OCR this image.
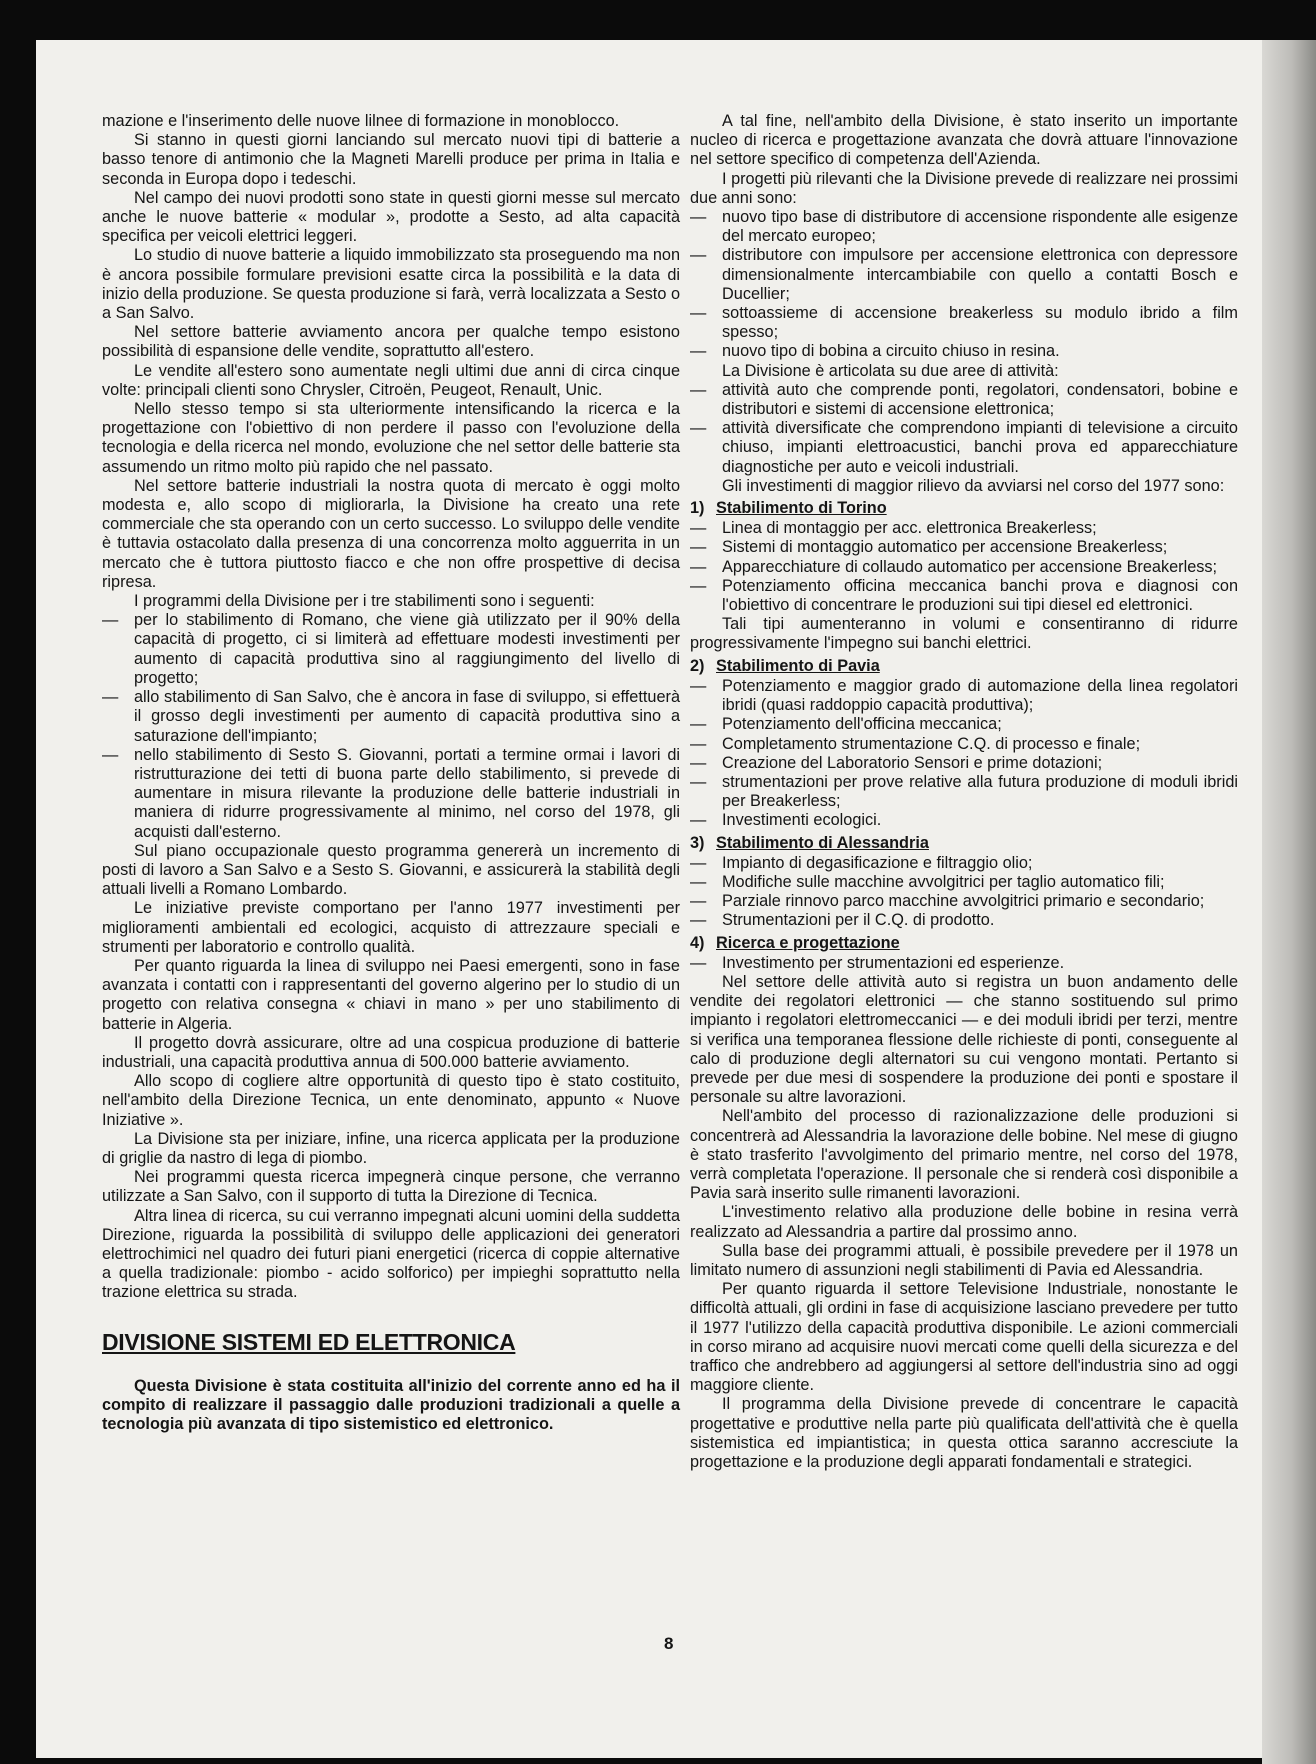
mazione e l'inserimento delle nuove lilnee di formazione in monoblocco.

Si stanno in questi giorni lanciando sul mercato nuovi tipi di batterie a basso tenore di antimonio che la Magneti Marelli produce per prima in Italia e seconda in Europa dopo i tedeschi.

Nel campo dei nuovi prodotti sono state in questi giorni messe sul mercato anche le nuove batterie « modular », prodotte a Sesto, ad alta capacità specifica per veicoli elettrici leggeri.

Lo studio di nuove batterie a liquido immobilizzato sta proseguendo ma non è ancora possibile formulare previsioni esatte circa la possibilità e la data di inizio della produzione. Se questa produzione si farà, verrà localizzata a Sesto o a San Salvo.

Nel settore batterie avviamento ancora per qualche tempo esistono possibilità di espansione delle vendite, soprattutto all'estero.

Le vendite all'estero sono aumentate negli ultimi due anni di circa cinque volte: principali clienti sono Chrysler, Citroën, Peugeot, Renault, Unic.

Nello stesso tempo si sta ulteriormente intensificando la ricerca e la progettazione con l'obiettivo di non perdere il passo con l'evoluzione della tecnologia e della ricerca nel mondo, evoluzione che nel settor delle batterie sta assumendo un ritmo molto più rapido che nel passato.

Nel settore batterie industriali la nostra quota di mercato è oggi molto modesta e, allo scopo di migliorarla, la Divisione ha creato una rete commerciale che sta operando con un certo successo. Lo sviluppo delle vendite è tuttavia ostacolato dalla presenza di una concorrenza molto agguerrita in un mercato che è tuttora piuttosto fiacco e che non offre prospettive di decisa ripresa.

I programmi della Divisione per i tre stabilimenti sono i seguenti:

— per lo stabilimento di Romano, che viene già utilizzato per il 90% della capacità di progetto, ci si limiterà ad effettuare modesti investimenti per aumento di capacità produttiva sino al raggiungimento del livello di progetto;
— allo stabilimento di San Salvo, che è ancora in fase di sviluppo, si effettuerà il grosso degli investimenti per aumento di capacità produttiva sino a saturazione dell'impianto;
— nello stabilimento di Sesto S. Giovanni, portati a termine ormai i lavori di ristrutturazione dei tetti di buona parte dello stabilimento, si prevede di aumentare in misura rilevante la produzione delle batterie industriali in maniera di ridurre progressivamente al minimo, nel corso del 1978, gli acquisti dall'esterno.

Sul piano occupazionale questo programma genererà un incremento di posti di lavoro a San Salvo e a Sesto S. Giovanni, e assicurerà la stabilità degli attuali livelli a Romano Lombardo.

Le iniziative previste comportano per l'anno 1977 investimenti per miglioramenti ambientali ed ecologici, acquisto di attrezzaure speciali e strumenti per laboratorio e controllo qualità.

Per quanto riguarda la linea di sviluppo nei Paesi emergenti, sono in fase avanzata i contatti con i rappresentanti del governo algerino per lo studio di un progetto con relativa consegna « chiavi in mano » per uno stabilimento di batterie in Algeria.

Il progetto dovrà assicurare, oltre ad una cospicua produzione di batterie industriali, una capacità produttiva annua di 500.000 batterie avviamento.

Allo scopo di cogliere altre opportunità di questo tipo è stato costituito, nell'ambito della Direzione Tecnica, un ente denominato, appunto « Nuove Iniziative ».

La Divisione sta per iniziare, infine, una ricerca applicata per la produzione di griglie da nastro di lega di piombo.

Nei programmi questa ricerca impegnerà cinque persone, che verranno utilizzate a San Salvo, con il supporto di tutta la Direzione di Tecnica.

Altra linea di ricerca, su cui verranno impegnati alcuni uomini della suddetta Direzione, riguarda la possibilità di sviluppo delle applicazioni dei generatori elettrochimici nel quadro dei futuri piani energetici (ricerca di coppie alternative a quella tradizionale: piombo - acido solforico) per impieghi soprattutto nella trazione elettrica su strada.

DIVISIONE SISTEMI ED ELETTRONICA

Questa Divisione è stata costituita all'inizio del corrente anno ed ha il compito di realizzare il passaggio dalle produzioni tradizionali a quelle a tecnologia più avanzata di tipo sistemistico ed elettronico.

A tal fine, nell'ambito della Divisione, è stato inserito un importante nucleo di ricerca e progettazione avanzata che dovrà attuare l'innovazione nel settore specifico di competenza dell'Azienda.

I progetti più rilevanti che la Divisione prevede di realizzare nei prossimi due anni sono:

— nuovo tipo base di distributore di accensione rispondente alle esigenze del mercato europeo;
— distributore con impulsore per accensione elettronica con depressore dimensionalmente intercambiabile con quello a contatti Bosch e Ducellier;
— sottoassieme di accensione breakerless su modulo ibrido a film spesso;
— nuovo tipo di bobina a circuito chiuso in resina.

La Divisione è articolata su due aree di attività:

— attività auto che comprende ponti, regolatori, condensatori, bobine e distributori e sistemi di accensione elettronica;
— attività diversificate che comprendono impianti di televisione a circuito chiuso, impianti elettroacustici, banchi prova ed apparecchiature diagnostiche per auto e veicoli industriali.

Gli investimenti di maggior rilievo da avviarsi nel corso del 1977 sono:

1) Stabilimento di Torino
— Linea di montaggio per acc. elettronica Breakerless;
— Sistemi di montaggio automatico per accensione Breakerless;
— Apparecchiature di collaudo automatico per accensione Breakerless;
— Potenziamento officina meccanica banchi prova e diagnosi con l'obiettivo di concentrare le produzioni sui tipi diesel ed elettronici.

Tali tipi aumenteranno in volumi e consentiranno di ridurre progressivamente l'impegno sui banchi elettrici.

2) Stabilimento di Pavia
— Potenziamento e maggior grado di automazione della linea regolatori ibridi (quasi raddoppio capacità produttiva);
— Potenziamento dell'officina meccanica;
— Completamento strumentazione C.Q. di processo e finale;
— Creazione del Laboratorio Sensori e prime dotazioni;
— strumentazioni per prove relative alla futura produzione di moduli ibridi per Breakerless;
— Investimenti ecologici.
3) Stabilimento di Alessandria
— Impianto di degasificazione e filtraggio olio;
— Modifiche sulle macchine avvolgitrici per taglio automatico fili;
— Parziale rinnovo parco macchine avvolgitrici primario e secondario;
— Strumentazioni per il C.Q. di prodotto.
4) Ricerca e progettazione
— Investimento per strumentazioni ed esperienze.

Nel settore delle attività auto si registra un buon andamento delle vendite dei regolatori elettronici — che stanno sostituendo sul primo impianto i regolatori elettromeccanici — e dei moduli ibridi per terzi, mentre si verifica una temporanea flessione delle richieste di ponti, conseguente al calo di produzione degli alternatori su cui vengono montati. Pertanto si prevede per due mesi di sospendere la produzione dei ponti e spostare il personale su altre lavorazioni.

Nell'ambito del processo di razionalizzazione delle produzioni si concentrerà ad Alessandria la lavorazione delle bobine. Nel mese di giugno è stato trasferito l'avvolgimento del primario mentre, nel corso del 1978, verrà completata l'operazione. Il personale che si renderà così disponibile a Pavia sarà inserito sulle rimanenti lavorazioni.

L'investimento relativo alla produzione delle bobine in resina verrà realizzato ad Alessandria a partire dal prossimo anno.

Sulla base dei programmi attuali, è possibile prevedere per il 1978 un limitato numero di assunzioni negli stabilimenti di Pavia ed Alessandria.

Per quanto riguarda il settore Televisione Industriale, nonostante le difficoltà attuali, gli ordini in fase di acquisizione lasciano prevedere per tutto il 1977 l'utilizzo della capacità produttiva disponibile. Le azioni commerciali in corso mirano ad acquisire nuovi mercati come quelli della sicurezza e del traffico che andrebbero ad aggiungersi al settore dell'industria sino ad oggi maggiore cliente.

Il programma della Divisione prevede di concentrare le capacità progettative e produttive nella parte più qualificata dell'attività che è quella sistemistica ed impiantistica; in questa ottica saranno accresciute la progettazione e la produzione degli apparati fondamentali e strategici.

8
